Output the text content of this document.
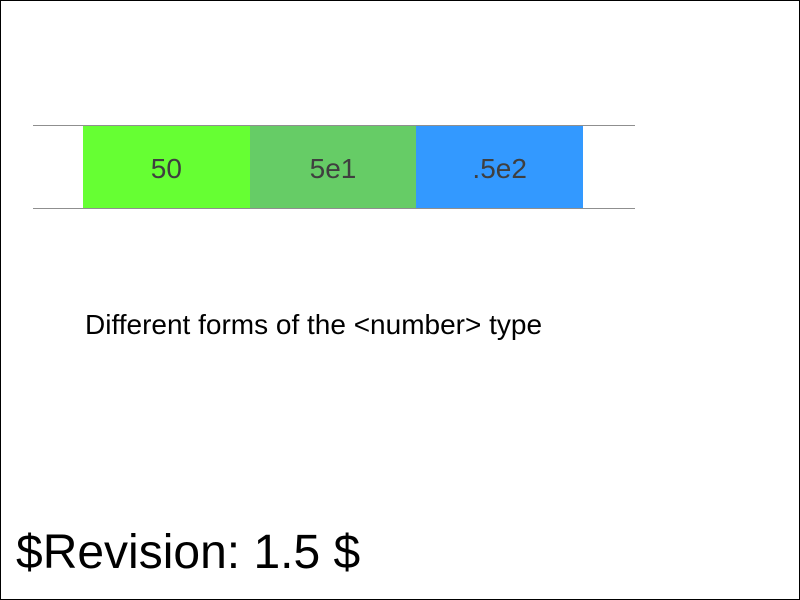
50	5e1	.5e2
Different forms of the <number> type
$Revision: 1.5 $
